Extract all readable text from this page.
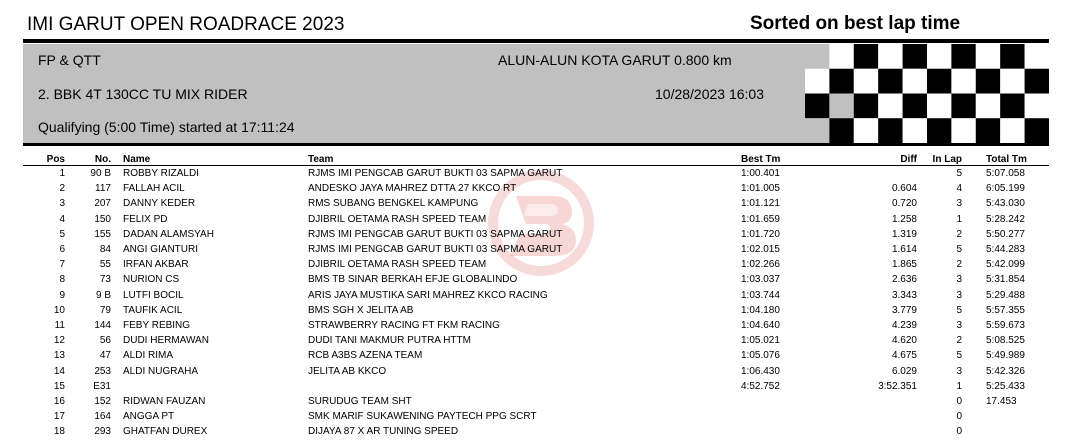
IMI GARUT OPEN ROADRACE 2023	Sorted on best lap time
FP & QTT	ALUN-ALUN KOTA GARUT 0.800 km
2. BBK 4T 130CC TU MIX RIDER	10/28/2023 16:03
Qualifying (5:00 Time) started at 17:11:24
Pos	No.	Name	Team	Best Tm	Diff	In Lap	Total Tm
1	90 B	ROBBY RIZALDI	RJMS IMI PENGCAB GARUT BUKTI 03 SAPMA GARUT	1:00.401		5	5:07.058
2	117	FALLAH ACIL	ANDESKO JAYA MAHREZ DTTA 27 KKCO RT	1:01.005	0.604	4	6:05.199
3	207	DANNY KEDER	RMS SUBANG BENGKEL KAMPUNG	1:01.121	0.720	3	5:43.030
4	150	FELIX PD	DJIBRIL OETAMA RASH SPEED TEAM	1:01.659	1.258	1	5:28.242
5	155	DADAN ALAMSYAH	RJMS IMI PENGCAB GARUT BUKTI 03 SAPMA GARUT	1:01.720	1.319	2	5:50.277
6	84	ANGI GIANTURI	RJMS IMI PENGCAB GARUT BUKTI 03 SAPMA GARUT	1:02.015	1.614	5	5:44.283
7	55	IRFAN AKBAR	DJIBRIL OETAMA RASH SPEED TEAM	1:02.266	1.865	2	5:42.099
8	73	NURION CS	BMS TB SINAR BERKAH EFJE GLOBALINDO	1:03.037	2.636	3	5:31.854
9	9 B	LUTFI BOCIL	ARIS JAYA MUSTIKA SARI MAHREZ KKCO RACING	1:03.744	3.343	3	5:29.488
10	79	TAUFIK ACIL	BMS SGH X JELITA AB	1:04.180	3.779	5	5:57.355
11	144	FEBY REBING	STRAWBERRY RACING FT FKM RACING	1:04.640	4.239	3	5:59.673
12	56	DUDI HERMAWAN	DUDI TANI MAKMUR PUTRA HTTM	1:05.021	4.620	2	5:08.525
13	47	ALDI RIMA	RCB A3BS AZENA TEAM	1:05.076	4.675	5	5:49.989
14	253	ALDI NUGRAHA	JELITA AB KKCO	1:06.430	6.029	3	5:42.326
15	E31			4:52.752	3:52.351	1	5:25.433
16	152	RIDWAN FAUZAN	SURUDUG TEAM SHT			0	17.453
17	164	ANGGA PT	SMK MARIF SUKAWENING PAYTECH PPG SCRT			0	
18	293	GHATFAN DUREX	DIJAYA 87 X AR TUNING SPEED			0	
